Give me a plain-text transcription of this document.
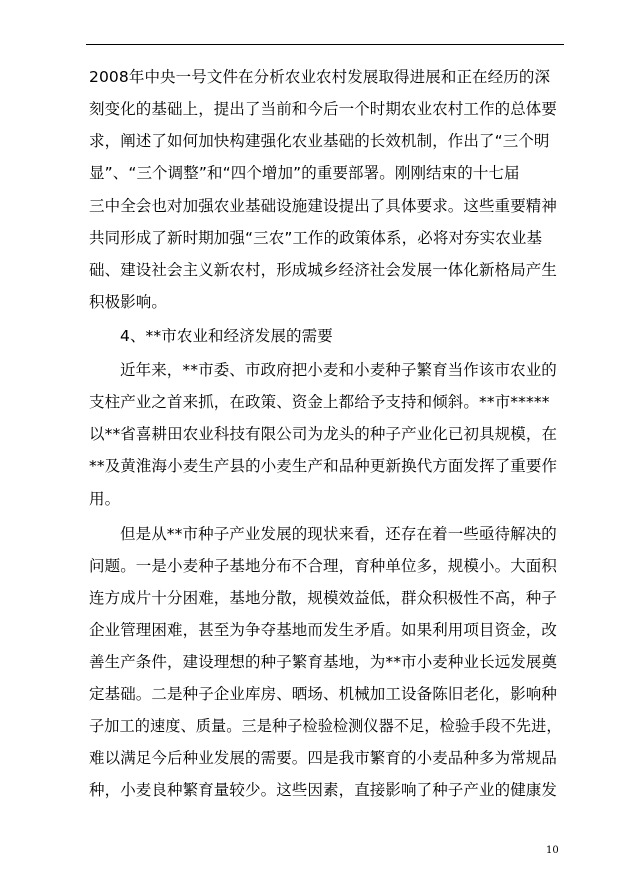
2008年中央一号文件在分析农业农村发展取得进展和正在经历的深
刻变化的基础上，提出了当前和今后一个时期农业农村工作的总体要
求，阐述了如何加快构建强化农业基础的长效机制，作出了“三个明
显”、“三个调整”和“四个增加”的重要部署。刚刚结束的十七届
三中全会也对加强农业基础设施建设提出了具体要求。这些重要精神
共同形成了新时期加强“三农”工作的政策体系，必将对夯实农业基
础、建设社会主义新农村，形成城乡经济社会发展一体化新格局产生
积极影响。
4、**市农业和经济发展的需要
近年来，**市委、市政府把小麦和小麦种子繁育当作该市农业的
支柱产业之首来抓，在政策、资金上都给予支持和倾斜。**市*****
以**省喜耕田农业科技有限公司为龙头的种子产业化已初具规模，在
**及黄淮海小麦生产县的小麦生产和品种更新换代方面发挥了重要作
用。
但是从**市种子产业发展的现状来看，还存在着一些亟待解决的
问题。一是小麦种子基地分布不合理，育种单位多，规模小。大面积
连方成片十分困难，基地分散，规模效益低，群众积极性不高，种子
企业管理困难，甚至为争夺基地而发生矛盾。如果利用项目资金，改
善生产条件，建设理想的种子繁育基地，为**市小麦种业长远发展奠
定基础。二是种子企业库房、晒场、机械加工设备陈旧老化，影响种
子加工的速度、质量。三是种子检验检测仪器不足，检验手段不先进，
难以满足今后种业发展的需要。四是我市繁育的小麦品种多为常规品
种，小麦良种繁育量较少。这些因素，直接影响了种子产业的健康发
10
